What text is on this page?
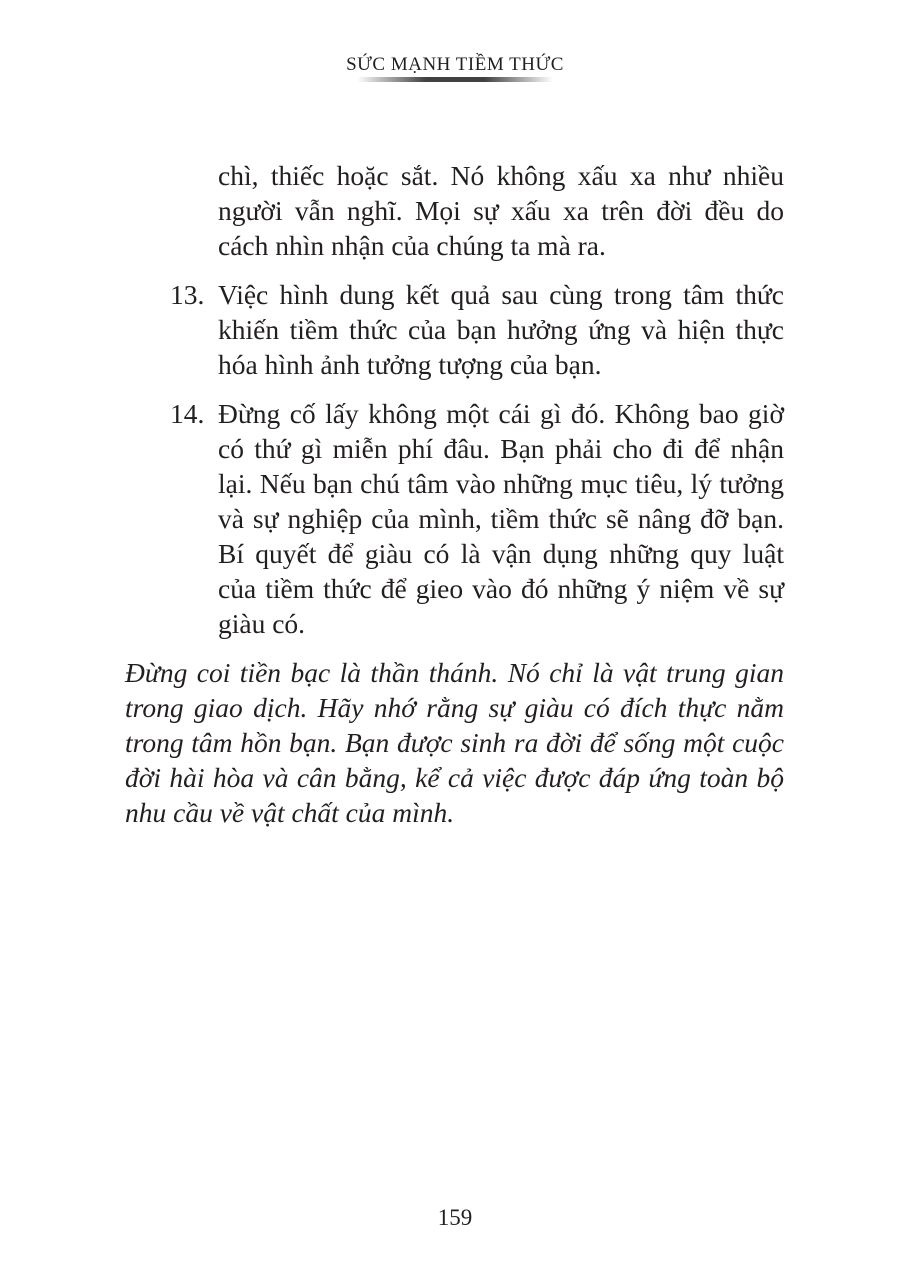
SỨC MẠNH TIỀM THỨC
chì, thiếc hoặc sắt. Nó không xấu xa như nhiều người vẫn nghĩ. Mọi sự xấu xa trên đời đều do cách nhìn nhận của chúng ta mà ra.
13. Việc hình dung kết quả sau cùng trong tâm thức khiến tiềm thức của bạn hưởng ứng và hiện thực hóa hình ảnh tưởng tượng của bạn.
14. Đừng cố lấy không một cái gì đó. Không bao giờ có thứ gì miễn phí đâu. Bạn phải cho đi để nhận lại. Nếu bạn chú tâm vào những mục tiêu, lý tưởng và sự nghiệp của mình, tiềm thức sẽ nâng đỡ bạn. Bí quyết để giàu có là vận dụng những quy luật của tiềm thức để gieo vào đó những ý niệm về sự giàu có.
Đừng coi tiền bạc là thần thánh. Nó chỉ là vật trung gian trong giao dịch. Hãy nhớ rằng sự giàu có đích thực nằm trong tâm hồn bạn. Bạn được sinh ra đời để sống một cuộc đời hài hòa và cân bằng, kể cả việc được đáp ứng toàn bộ nhu cầu về vật chất của mình.
159
